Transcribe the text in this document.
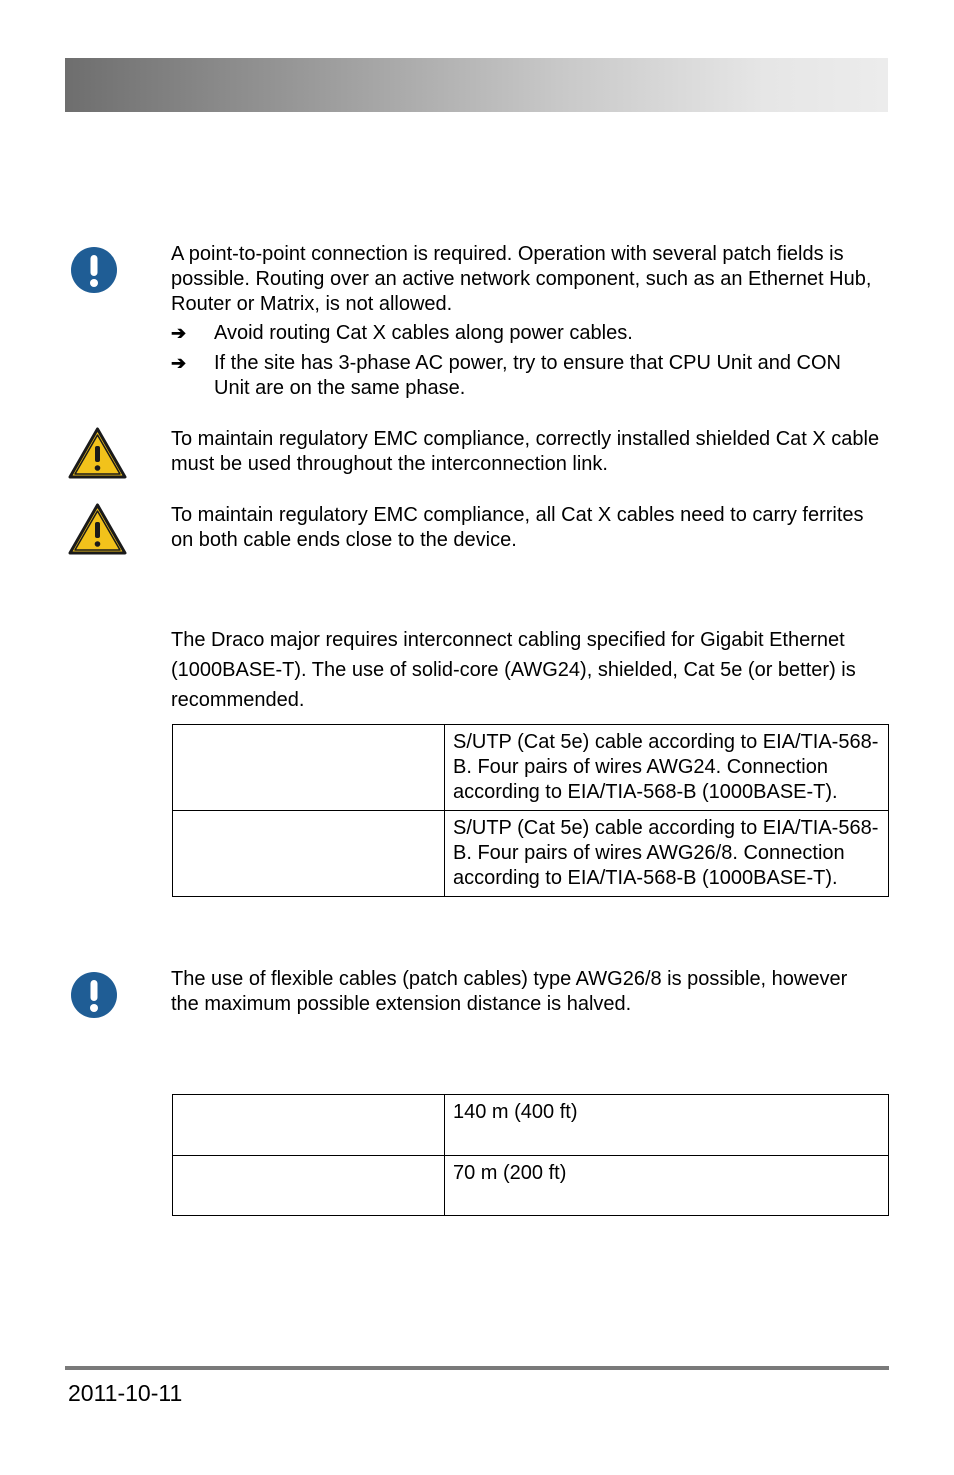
A point-to-point connection is required. Operation with several patch fields is possible. Routing over an active network component, such as an Ethernet Hub, Router or Matrix, is not allowed.

➔ Avoid routing Cat X cables along power cables.
➔ If the site has 3-phase AC power, try to ensure that CPU Unit and CON Unit are on the same phase.

To maintain regulatory EMC compliance, correctly installed shielded Cat X cable must be used throughout the interconnection link.

To maintain regulatory EMC compliance, all Cat X cables need to carry ferrites on both cable ends close to the device.

The Draco major requires interconnect cabling specified for Gigabit Ethernet (1000BASE-T). The use of solid-core (AWG24), shielded, Cat 5e (or better) is recommended.

	S/UTP (Cat 5e) cable according to EIA/TIA-568-B. Four pairs of wires AWG24. Connection according to EIA/TIA-568-B (1000BASE-T).
	S/UTP (Cat 5e) cable according to EIA/TIA-568-B. Four pairs of wires AWG26/8. Connection according to EIA/TIA-568-B (1000BASE-T).

The use of flexible cables (patch cables) type AWG26/8 is possible, however the maximum possible extension distance is halved.

	140 m (400 ft)
	70 m (200 ft)
2011-10-11
